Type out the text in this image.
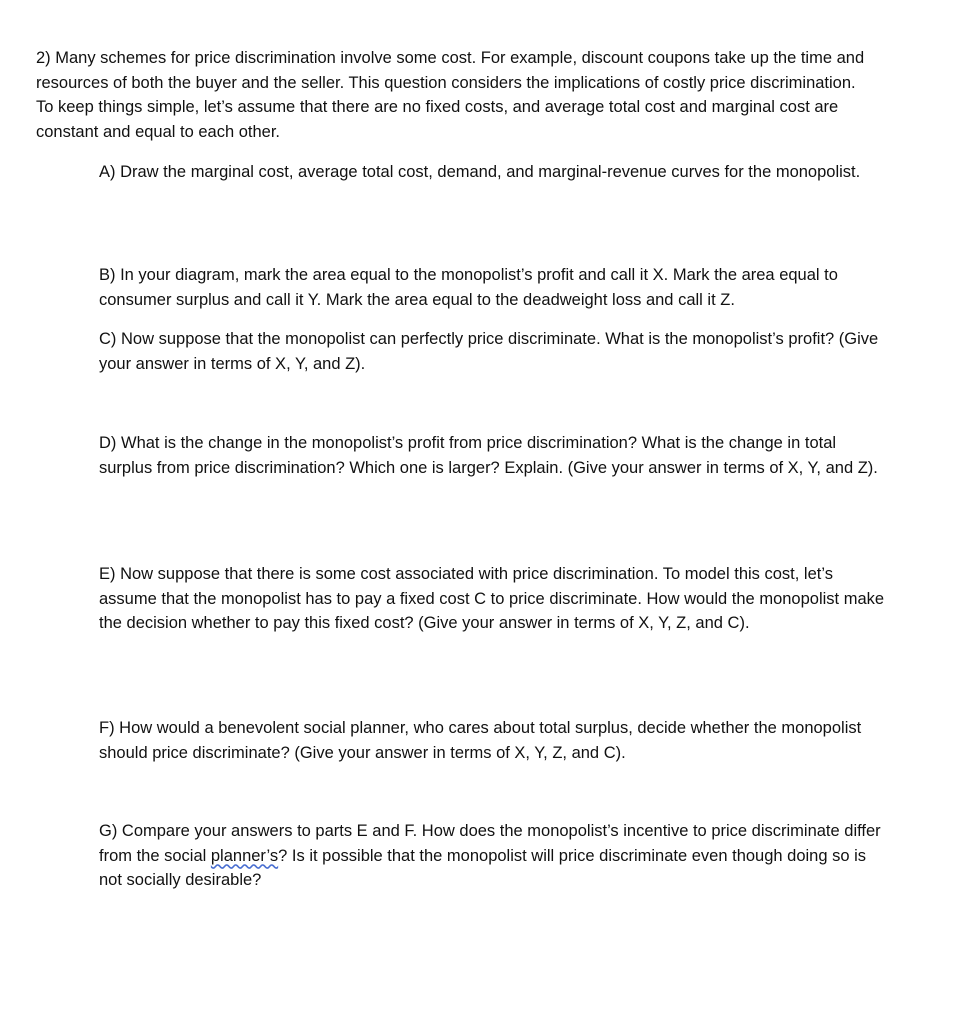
2) Many schemes for price discrimination involve some cost. For example, discount coupons take up the time and resources of both the buyer and the seller. This question considers the implications of costly price discrimination. To keep things simple, let’s assume that there are no fixed costs, and average total cost and marginal cost are constant and equal to each other.

A) Draw the marginal cost, average total cost, demand, and marginal-revenue curves for the monopolist.

B) In your diagram, mark the area equal to the monopolist’s profit and call it X. Mark the area equal to consumer surplus and call it Y. Mark the area equal to the deadweight loss and call it Z.

C) Now suppose that the monopolist can perfectly price discriminate. What is the monopolist’s profit? (Give your answer in terms of X, Y, and Z).

D) What is the change in the monopolist’s profit from price discrimination? What is the change in total surplus from price discrimination? Which one is larger? Explain. (Give your answer in terms of X, Y, and Z).

E) Now suppose that there is some cost associated with price discrimination. To model this cost, let’s assume that the monopolist has to pay a fixed cost C to price discriminate. How would the monopolist make the decision whether to pay this fixed cost? (Give your answer in terms of X, Y, Z, and C).

F) How would a benevolent social planner, who cares about total surplus, decide whether the monopolist should price discriminate? (Give your answer in terms of X, Y, Z, and C).

G) Compare your answers to parts E and F. How does the monopolist’s incentive to price discriminate differ from the social planner’s? Is it possible that the monopolist will price discriminate even though doing so is not socially desirable?
